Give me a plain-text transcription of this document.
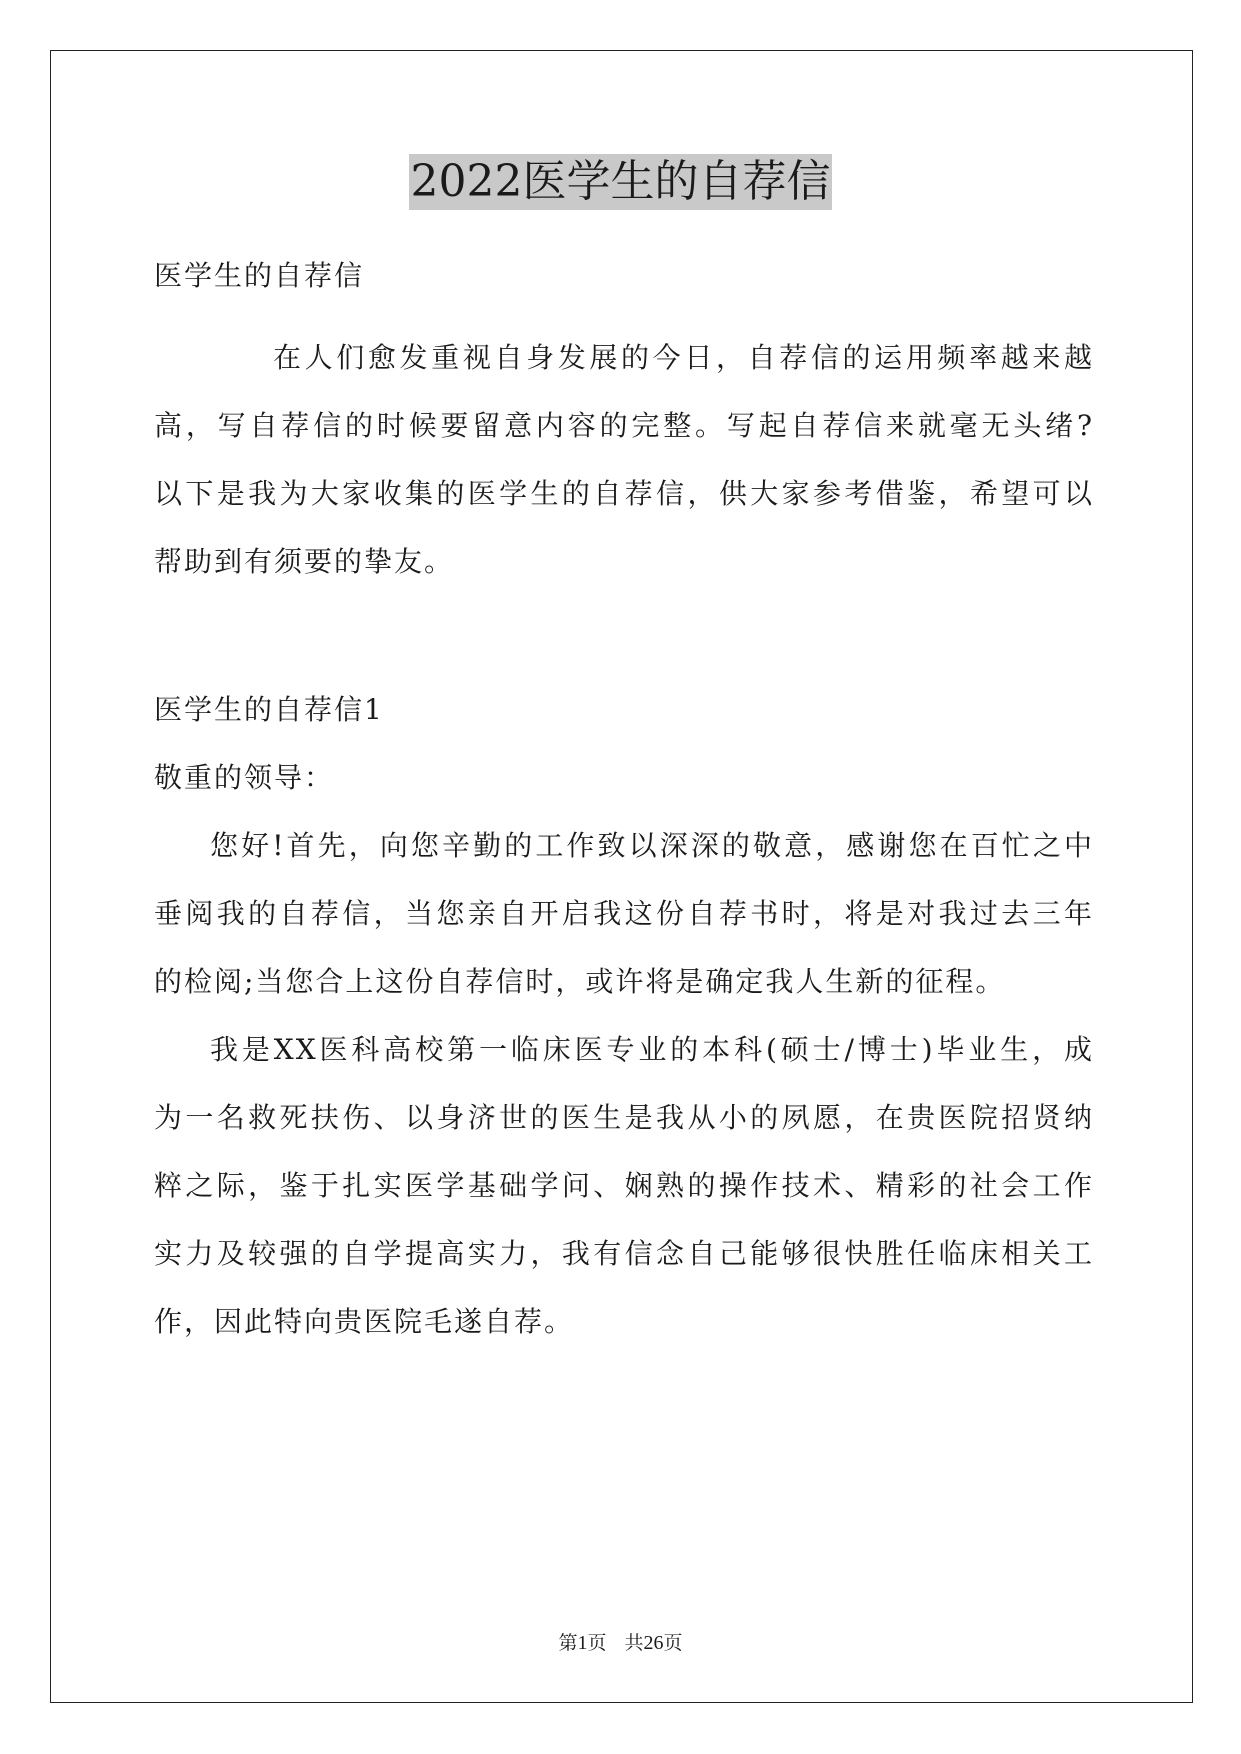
2022医学生的自荐信
医学生的自荐信
在人们愈发重视自身发展的今日，自荐信的运用频率越来越
高，写自荐信的时候要留意内容的完整。写起自荐信来就毫无头绪?
以下是我为大家收集的医学生的自荐信，供大家参考借鉴，希望可以
帮助到有须要的挚友。
医学生的自荐信1
敬重的领导：
您好!首先，向您辛勤的工作致以深深的敬意，感谢您在百忙之中
垂阅我的自荐信，当您亲自开启我这份自荐书时，将是对我过去三年
的检阅;当您合上这份自荐信时，或许将是确定我人生新的征程。
我是XX医科高校第一临床医专业的本科(硕士/博士)毕业生，成
为一名救死扶伤、以身济世的医生是我从小的夙愿，在贵医院招贤纳
粹之际，鉴于扎实医学基础学问、娴熟的操作技术、精彩的社会工作
实力及较强的自学提高实力，我有信念自己能够很快胜任临床相关工
作，因此特向贵医院毛遂自荐。
第1页 共26页
